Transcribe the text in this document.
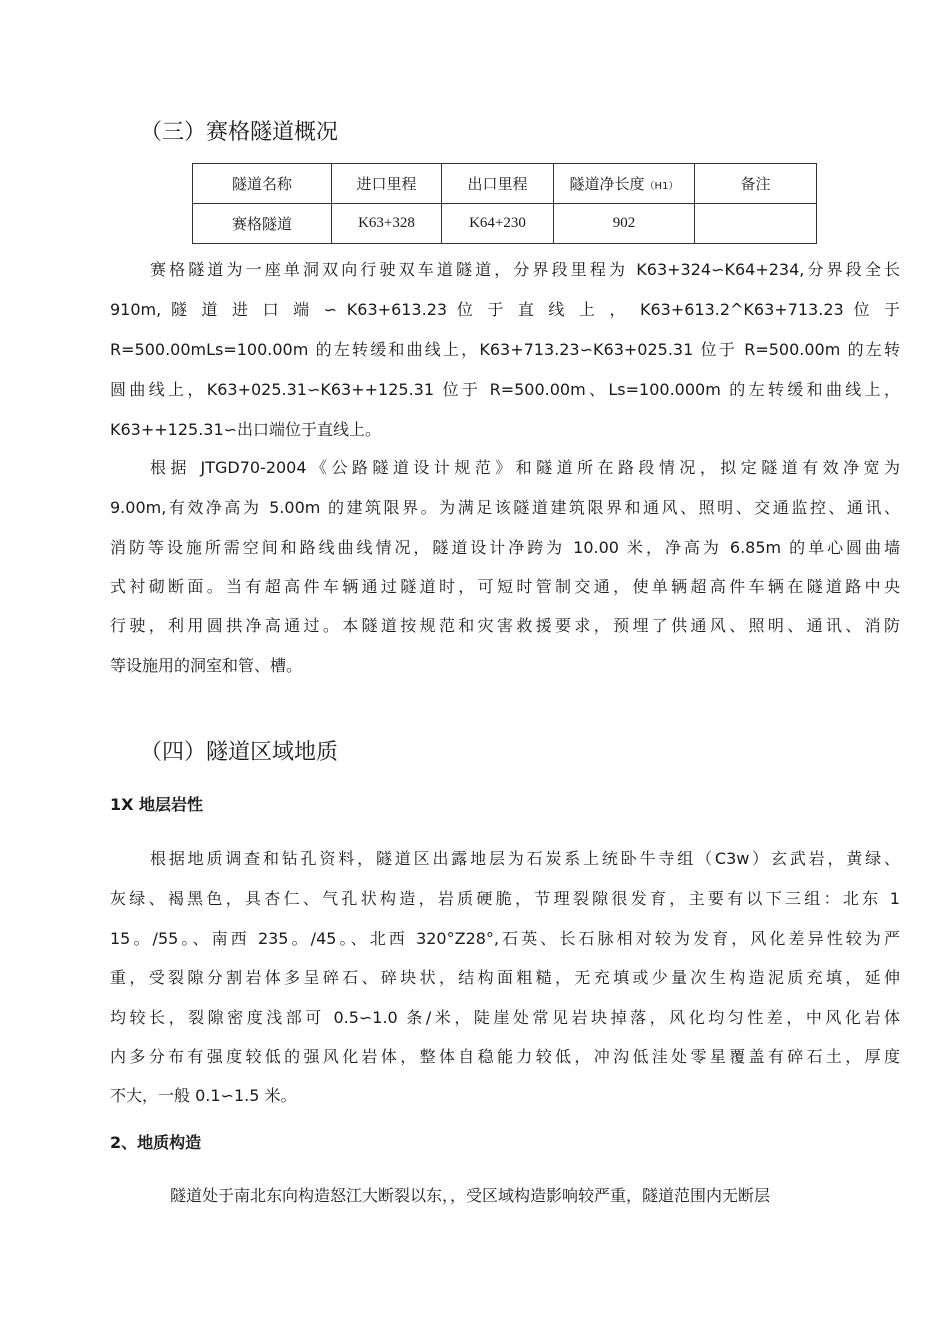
（三）赛格隧道概况
隧道名称	进口里程	出口里程	隧道净长度（H1）	备注
赛格隧道	K63+328	K64+230	902	
赛格隧道为一座单洞双向行驶双车道隧道，分界段里程为 K63+324∽K64+234,分界段全长
910m, 隧 道 进 口 端 ∽ K63+613.23 位 于 直 线 上 ， K63+613.2^K63+713.23 位 于
R=500.00mLs=100.00m 的左转缓和曲线上，K63+713.23∽K63+025.31 位于 R=500.00m 的左转
圆曲线上，K63+025.31∽K63++125.31 位于 R=500.00m、Ls=100.000m 的左转缓和曲线上，
K63++125.31∽出口端位于直线上。
根据 JTGD70-2004《公路隧道设计规范》和隧道所在路段情况，拟定隧道有效净宽为
9.00m,有效净高为 5.00m 的建筑限界。为满足该隧道建筑限界和通风、照明、交通监控、通讯、
消防等设施所需空间和路线曲线情况，隧道设计净跨为 10.00 米，净高为 6.85m 的单心圆曲墙
式衬砌断面。当有超高件车辆通过隧道时，可短时管制交通，使单辆超高件车辆在隧道路中央
行驶，利用圆拱净高通过。本隧道按规范和灾害救援要求，预埋了供通风、照明、通讯、消防
等设施用的洞室和管、槽。
（四）隧道区域地质
1X 地层岩性
根据地质调查和钻孔资料，隧道区出露地层为石炭系上统卧牛寺组（C3w）玄武岩，黄绿、
灰绿、褐黑色，具杏仁、气孔状构造，岩质硬脆，节理裂隙很发育，主要有以下三组：北东 1
15。/55。、南西 235。/45。、北西 320°Z28°,石英、长石脉相对较为发育，风化差异性较为严
重，受裂隙分割岩体多呈碎石、碎块状，结构面粗糙，无充填或少量次生构造泥质充填，延伸
均较长，裂隙密度浅部可 0.5∽1.0 条/米，陡崖处常见岩块掉落，风化均匀性差，中风化岩体
内多分布有强度较低的强风化岩体，整体自稳能力较低，冲沟低洼处零星覆盖有碎石土，厚度
不大，一般 0.1∽1.5 米。
2、地质构造
隧道处于南北东向构造怒江大断裂以东，，受区域构造影响较严重，隧道范围内无断层
